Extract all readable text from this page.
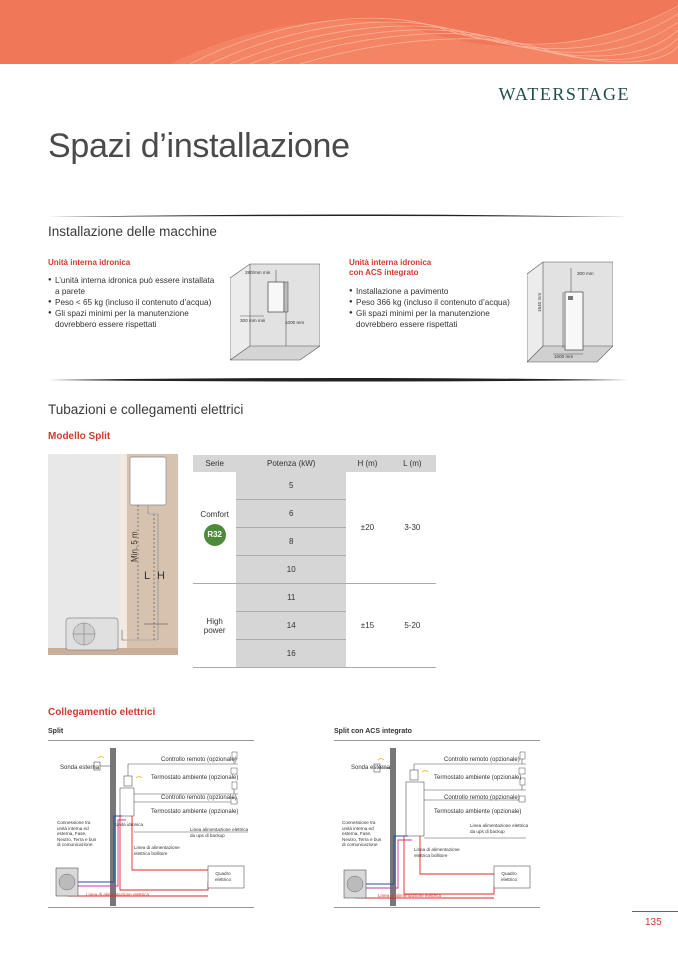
WATERSTAGE
Spazi d’installazione
Installazione delle macchine
Unità interna idronica
● L’unità interna idronica può essere installata a parete
● Peso < 65 kg (incluso il contenuto d’acqua)
● Gli spazi minimi per la manutenzione dovrebbero essere rispettati
280/mm min
300 mm min	1000 mm
Unità interna idronica
con ACS integrato
● Installazione a pavimento
● Peso 366 kg (incluso il contenuto d’acqua)
● Gli spazi minimi per la manutenzione dovrebbero essere rispettati
300 mm
1640 mm
1000 mm
Tubazioni e collegamenti elettrici
Modello Split
Min. 5 m
L H
Serie	Potenza (kW)	H (m)	L (m)

Comfort
R32	5	±20	3-30
	6		
	8		
	10		

High
power	11	±15	5-20
	14		
	16		
Collegamentio elettrici
Split
Sonda esterna
Controllo remoto (opzionale)
Termostato ambiente (opzionale)
Controllo remoto (opzionale)
Termostato ambiente (opzionale)
Connessione tra
unità interna ed
esterna, Fase,
Neutro, Terra e bus
di comunicazione
Unità idronica
Linea alimentazione elettrica
da ups di backup
Linea di alimentazione
elettrica bollitore
Quadro
elettrico
Linea di alimentazione elettrica
Split con ACS integrato
Sonda esterna
Controllo remoto (opzionale)
Termostato ambiente (opzionale)
Controllo remoto (opzionale)
Termostato ambiente (opzionale)
Connessione tra
unità interna ed
esterna, Fase,
Neutro, Terra e bus
di comunicazione
Linea alimentazione elettrica
da ups di backup
Linea di alimentazione
elettrica bollitore
Quadro
elettrico
Linea di alimentazione elettrica
135
